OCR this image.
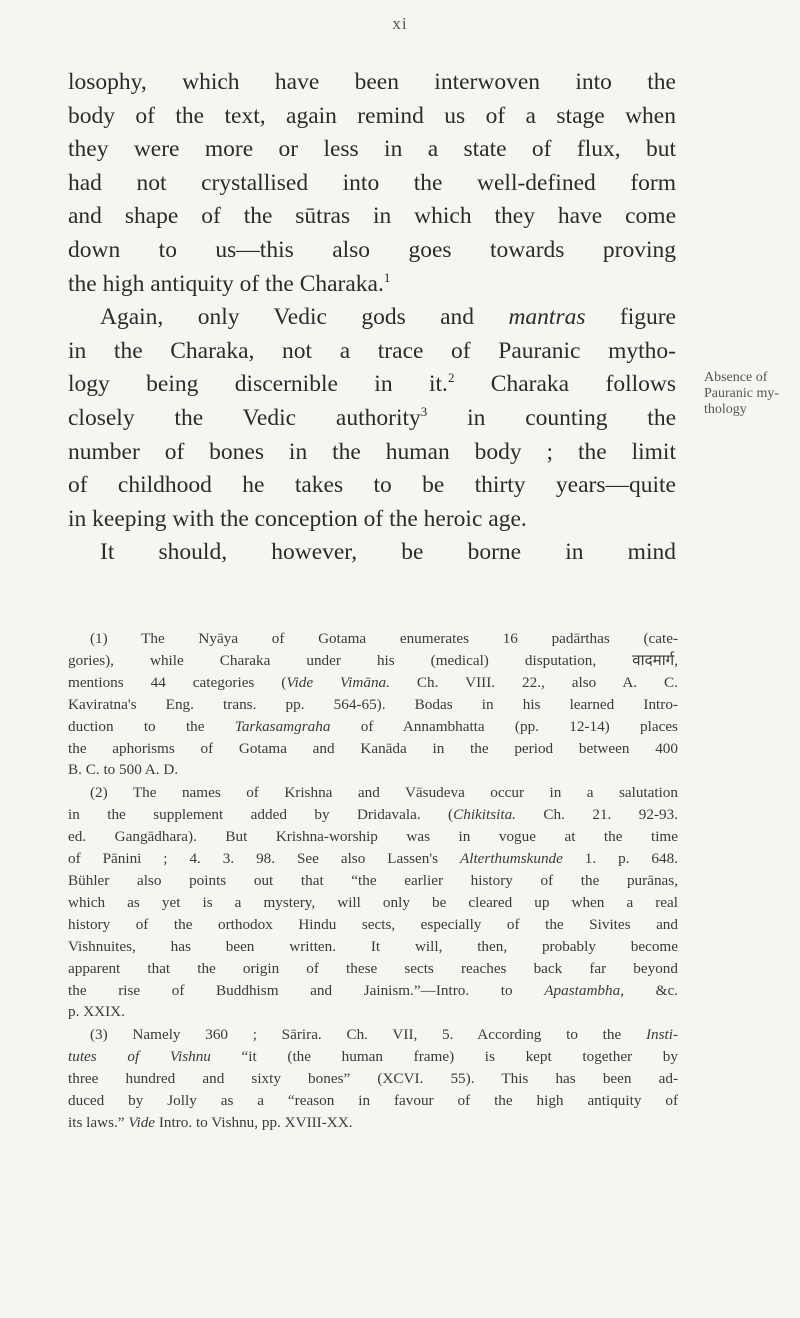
xi

losophy, which have been interwoven into the
body of the text, again remind us of a stage when
they were more or less in a state of flux, but
had not crystallised into the well-defined form
and shape of the sūtras in which they have come
down to us—this also goes towards proving
the high antiquity of the Charaka.$^1$

Again, only Vedic gods and mantras figure
in the Charaka, not a trace of Pauranic mytho-
logy being discernible in it.$^2$ Charaka follows
closely the Vedic authority$^3$ in counting the
number of bones in the human body ; the limit
of childhood he takes to be thirty years—quite
in keeping with the conception of the heroic age.

It should, however, be borne in mind

Absence of
Pauranic my-
thology
(1) The Nyāya of Gotama enumerates 16 padārthas (cate-
gories), while Charaka under his (medical) disputation, वादमार्ग,
mentions 44 categories (Vide Vimāna. Ch. VIII. 22., also A. C.
Kaviratna's Eng. trans. pp. 564-65). Bodas in his learned Intro-
duction to the Tarkasamgraha of Annambhatta (pp. 12-14) places
the aphorisms of Gotama and Kanāda in the period between 400
B. C. to 500 A. D.
(2) The names of Krishna and Vāsudeva occur in a salutation
in the supplement added by Dridavala. (Chikitsita. Ch. 21. 92-93.
ed. Gangādhara). But Krishna-worship was in vogue at the time
of Pānini ; 4. 3. 98. See also Lassen's Alterthumskunde 1. p. 648.
Bühler also points out that “the earlier history of the purānas,
which as yet is a mystery, will only be cleared up when a real
history of the orthodox Hindu sects, especially of the Sivites and
Vishnuites, has been written. It will, then, probably become
apparent that the origin of these sects reaches back far beyond
the rise of Buddhism and Jainism.”—Intro. to Apastambha, &c.
p. XXIX.
(3) Namely 360 ; Sārira. Ch. VII, 5. According to the Insti-
tutes of Vishnu “it (the human frame) is kept together by
three hundred and sixty bones” (XCVI. 55). This has been ad-
duced by Jolly as a “reason in favour of the high antiquity of
its laws.” Vide Intro. to Vishnu, pp. XVIII-XX.
